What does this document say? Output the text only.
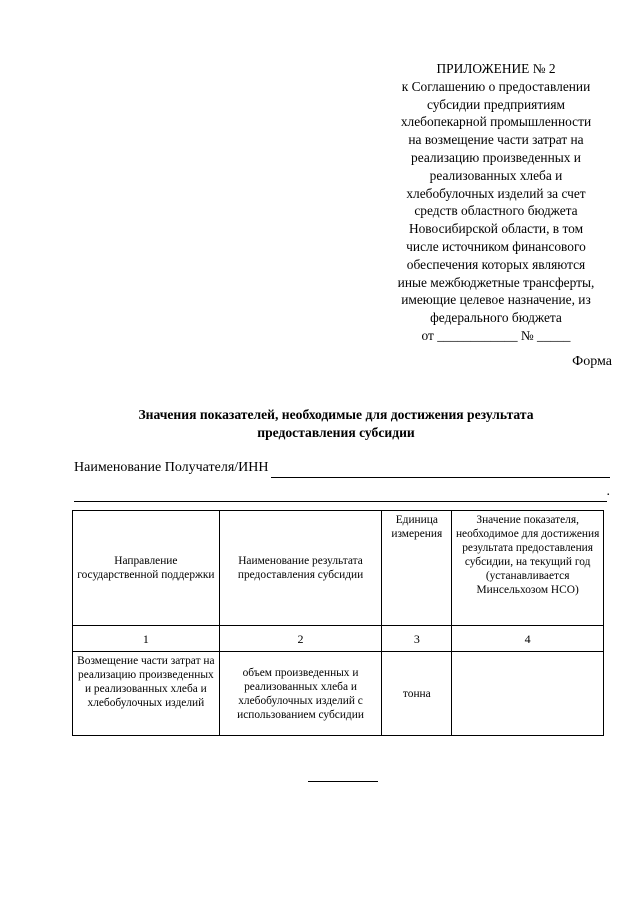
ПРИЛОЖЕНИЕ № 2
к Соглашению о предоставлении
субсидии предприятиям
хлебопекарной промышленности
на возмещение части затрат на
реализацию произведенных и
реализованных хлеба и
хлебобулочных изделий за счет
средств областного бюджета
Новосибирской области, в том
числе источником финансового
обеспечения которых являются
иные межбюджетные трансферты,
имеющие целевое назначение, из
федерального бюджета
от ____________ № _____
Форма
Значения показателей, необходимые для достижения результата
предоставления субсидии
Наименование Получателя/ИНН
.
Направление государственной поддержки	Наименование результата предоставления субсидии	Единица измерения	Значение показателя, необходимое для достижения результата предоставления субсидии, на текущий год (устанавливается Минсельхозом НСО)
1	2	3	4
Возмещение части затрат на реализацию произведенных и реализованных хлеба и хлебобулочных изделий	объем произведенных и реализованных хлеба и хлебобулочных изделий с использованием субсидии	тонна	
